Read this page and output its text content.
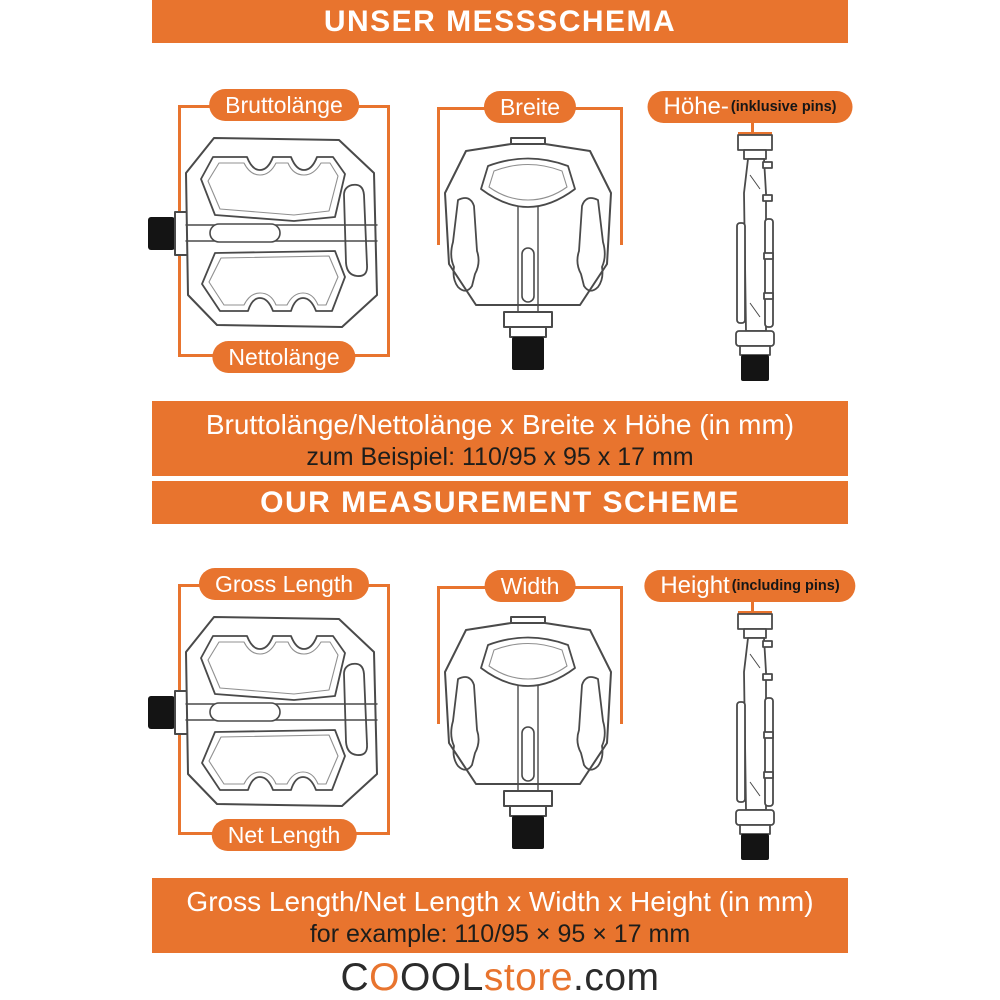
UNSER MESSSCHEMA
Bruttolänge
Nettolänge
Breite	Höhe- (inklusive pins)
Bruttolänge/Nettolänge x Breite x Höhe (in mm)
zum Beispiel: 110/95 x 95 x 17 mm
OUR MEASUREMENT SCHEME
Gross Length
Net Length
Width	Height (including pins)
Gross Length/Net Length x Width x Height (in mm)
for example: 110/95 × 95 × 17 mm
COOOLstore.com
